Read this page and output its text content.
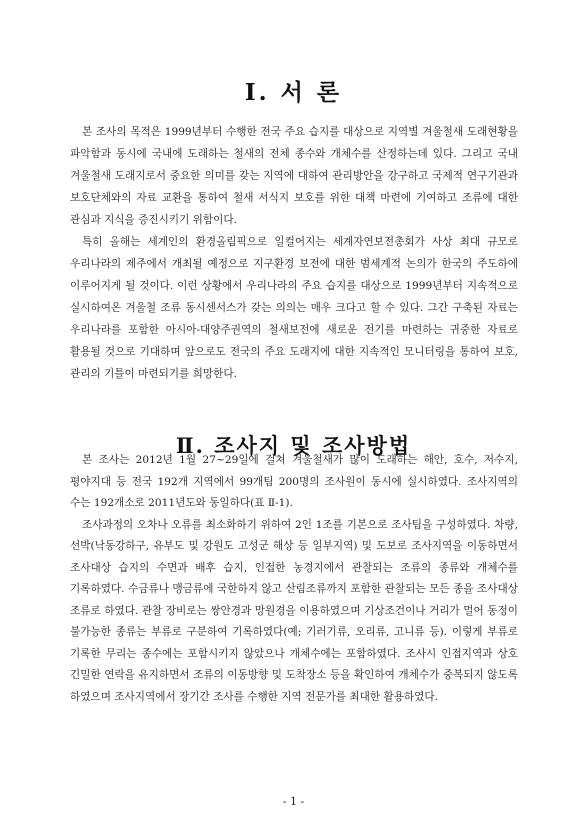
Ⅰ. 서 론

본 조사의 목적은 1999년부터 수행한 전국 주요 습지를 대상으로 지역별 겨울철새 도래현황을 파악함과 동시에 국내에 도래하는 철새의 전체 종수와 개체수를 산정하는데 있다. 그리고 국내 겨울철새 도래지로서 중요한 의미를 갖는 지역에 대하여 관리방안을 강구하고 국제적 연구기관과 보호단체와의 자료 교환을 통하여 철새 서식지 보호를 위한 대책 마련에 기여하고 조류에 대한 관심과 지식을 증진시키기 위함이다.

특히 올해는 세계인의 환경올림픽으로 일컬어지는 세계자연보전총회가 사상 최대 규모로 우리나라의 제주에서 개최될 예정으로 지구환경 보전에 대한 범세계적 논의가 한국의 주도하에 이루어지게 될 것이다. 이런 상황에서 우리나라의 주요 습지를 대상으로 1999년부터 지속적으로 실시하여온 겨울철 조류 동시센서스가 갖는 의의는 매우 크다고 할 수 있다. 그간 구축된 자료는 우리나라를 포함한 아시아-대양주권역의 철새보전에 새로운 전기를 마련하는 귀중한 자료로 활용될 것으로 기대하며 앞으로도 전국의 주요 도래지에 대한 지속적인 모니터링을 통하여 보호, 관리의 기틀이 마련되기를 희망한다.

Ⅱ. 조사지 및 조사방법

본 조사는 2012년 1월 27~29일에 걸쳐 겨울철새가 많이 도래하는 해안, 호수, 저수지, 평야지대 등 전국 192개 지역에서 99개팀 200명의 조사원이 동시에 실시하였다. 조사지역의 수는 192개소로 2011년도와 동일하다(표 Ⅱ-1).

조사과정의 오차나 오류를 최소화하기 위하여 2인 1조를 기본으로 조사팀을 구성하였다. 차량, 선박(낙동강하구, 유부도 및 강원도 고성군 해상 등 일부지역) 및 도보로 조사지역을 이동하면서 조사대상 습지의 수면과 배후 습지, 인접한 농경지에서 관찰되는 조류의 종류와 개체수를 기록하였다. 수금류나 맹금류에 국한하지 않고 산림조류까지 포함한 관찰되는 모든 종을 조사대상 조류로 하였다. 관찰 장비로는 쌍안경과 망원경을 이용하였으며 기상조건이나 거리가 멀어 동정이 불가능한 종류는 부류로 구분하여 기록하였다(예; 기러기류, 오리류, 고니류 등). 이렇게 부류로 기록한 무리는 종수에는 포함시키지 않았으나 개체수에는 포함하였다. 조사시 인접지역과 상호 긴밀한 연락을 유지하면서 조류의 이동방향 및 도착장소 등을 확인하여 개체수가 중복되지 않도록 하였으며 조사지역에서 장기간 조사를 수행한 지역 전문가를 최대한 활용하였다.

- 1 -
